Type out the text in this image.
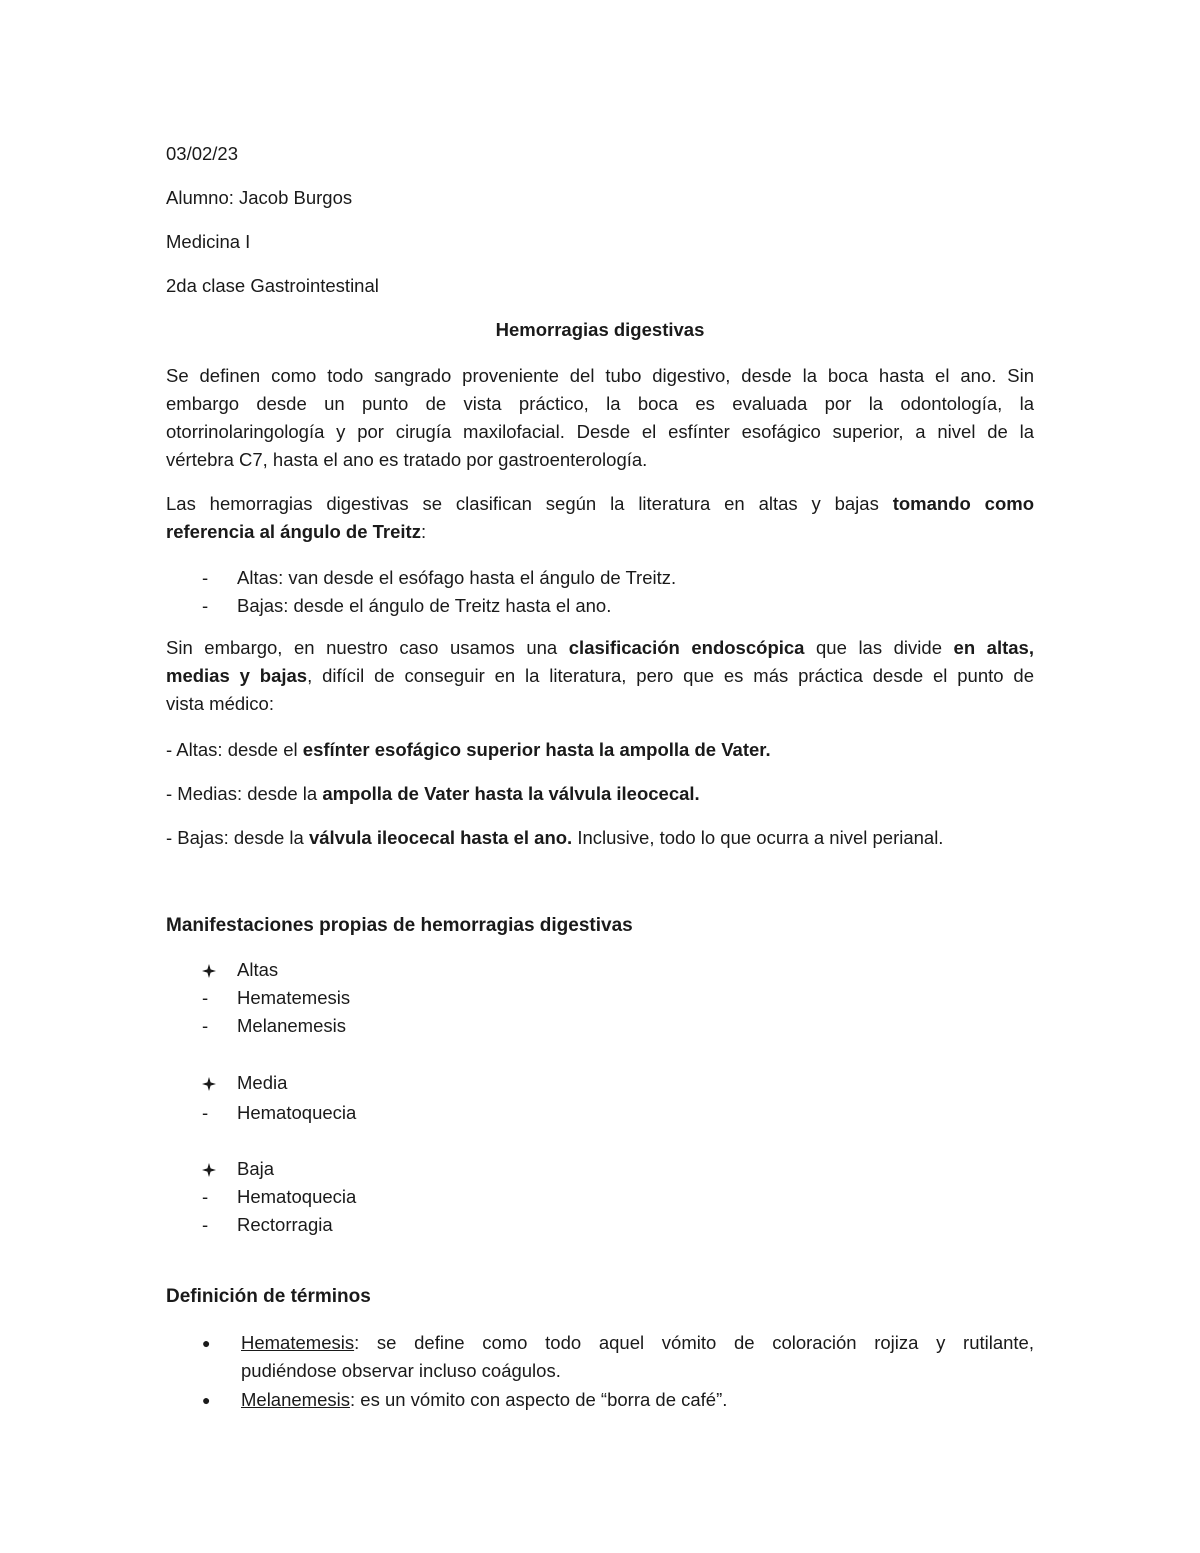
03/02/23
Alumno: Jacob Burgos
Medicina I
2da clase Gastrointestinal
Hemorragias digestivas
Se definen como todo sangrado proveniente del tubo digestivo, desde la boca hasta el ano. Sin
embargo desde un punto de vista práctico, la boca es evaluada por la odontología, la
otorrinolaringología y por cirugía maxilofacial. Desde el esfínter esofágico superior, a nivel de la
vértebra C7, hasta el ano es tratado por gastroenterología.
Las hemorragias digestivas se clasifican según la literatura en altas y bajas tomando como
referencia al ángulo de Treitz:
-	Altas: van desde el esófago hasta el ángulo de Treitz.
-	Bajas: desde el ángulo de Treitz hasta el ano.
Sin embargo, en nuestro caso usamos una clasificación endoscópica que las divide en altas,
medias y bajas, difícil de conseguir en la literatura, pero que es más práctica desde el punto de
vista médico:
- Altas: desde el esfínter esofágico superior hasta la ampolla de Vater.
- Medias: desde la ampolla de Vater hasta la válvula ileocecal.
- Bajas: desde la válvula ileocecal hasta el ano. Inclusive, todo lo que ocurra a nivel perianal.
Manifestaciones propias de hemorragias digestivas
Altas
-	Hematemesis
-	Melanemesis
Media
-	Hematoquecia
Baja
-	Hematoquecia
-	Rectorragia
Definición de términos
● Hematemesis: se define como todo aquel vómito de coloración rojiza y rutilante,
pudiéndose observar incluso coágulos.
● Melanemesis: es un vómito con aspecto de “borra de café”.
